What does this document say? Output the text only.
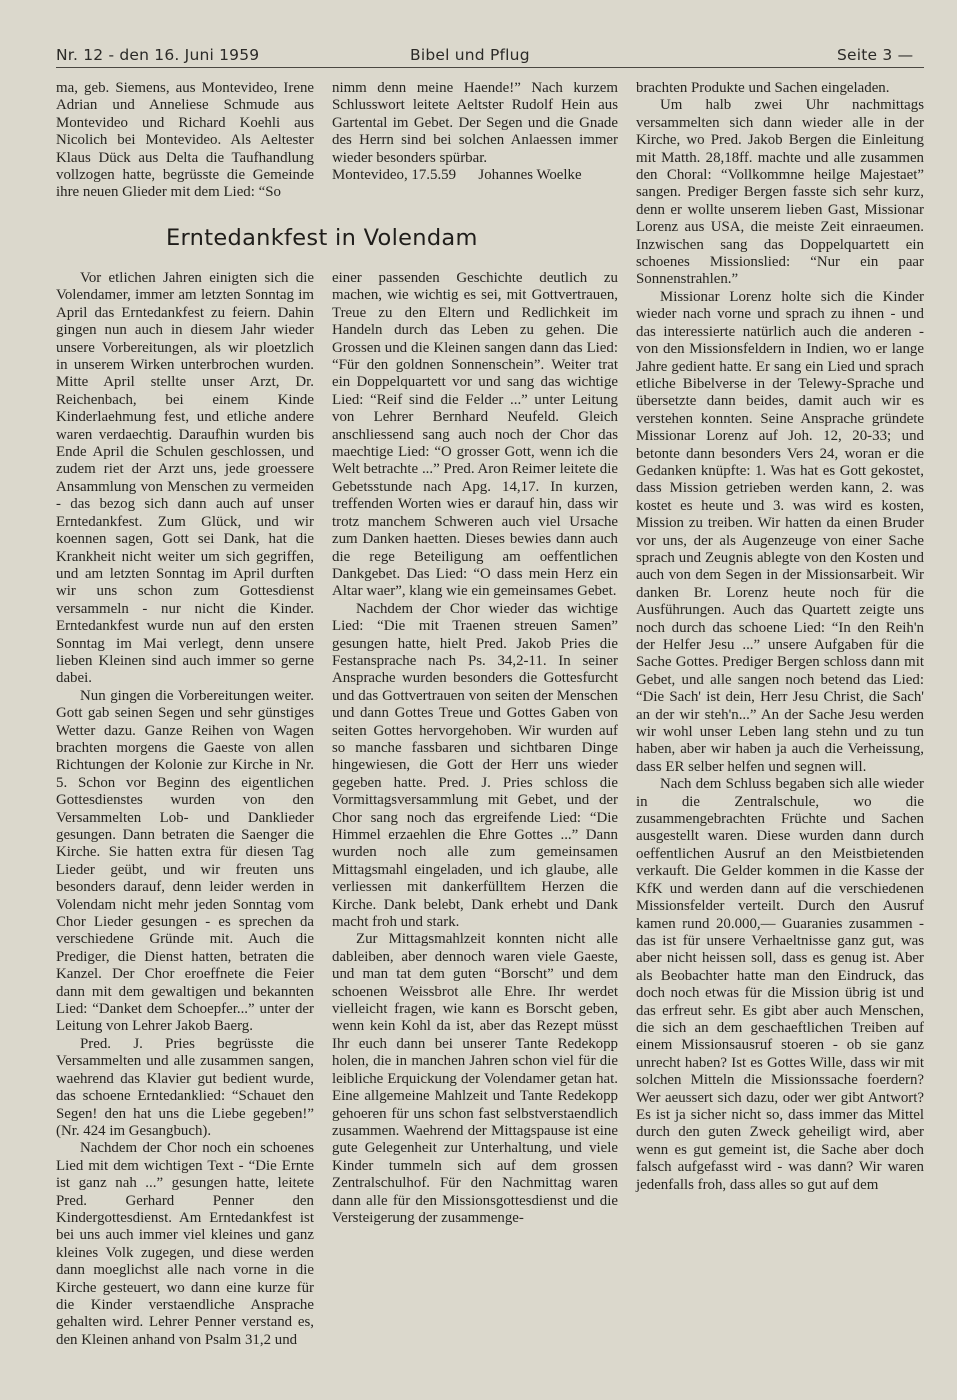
Nr. 12 - den 16. Juni 1959	Bibel und Pflug	Seite 3 —

ma, geb. Siemens, aus Montevideo, Irene Adrian und Anneliese Schmude aus Montevideo und Richard Koehli aus Nicolich bei Montevideo. Als Aeltester Klaus Dück aus Delta die Taufhandlung vollzogen hatte, begrüsste die Gemeinde ihre neuen Glieder mit dem Lied: “So

nimm denn meine Haende!” Nach kurzem Schlusswort leitete Aeltster Rudolf Hein aus Gartental im Gebet. Der Segen und die Gnade des Herrn sind bei solchen Anlaessen immer wieder besonders spürbar.

Montevideo, 17.5.59      Johannes Woelke

Erntedankfest in Volendam

Vor etlichen Jahren einigten sich die Volendamer, immer am letzten Sonntag im April das Erntedankfest zu feiern. Dahin gingen nun auch in diesem Jahr wieder unsere Vorbereitungen, als wir ploetzlich in unserem Wirken unterbrochen wurden. Mitte April stellte unser Arzt, Dr. Reichenbach, bei einem Kinde Kinderlaehmung fest, und etliche andere waren verdaechtig. Daraufhin wurden bis Ende April die Schulen geschlossen, und zudem riet der Arzt uns, jede groessere Ansammlung von Menschen zu vermeiden - das bezog sich dann auch auf unser Erntedankfest. Zum Glück, und wir koennen sagen, Gott sei Dank, hat die Krankheit nicht weiter um sich gegriffen, und am letzten Sonntag im April durften wir uns schon zum Gottesdienst versammeln - nur nicht die Kinder. Erntedankfest wurde nun auf den ersten Sonntag im Mai verlegt, denn unsere lieben Kleinen sind auch immer so gerne dabei.

Nun gingen die Vorbereitungen weiter. Gott gab seinen Segen und sehr günstiges Wetter dazu. Ganze Reihen von Wagen brachten morgens die Gaeste von allen Richtungen der Kolonie zur Kirche in Nr. 5. Schon vor Beginn des eigentlichen Gottesdienstes wurden von den Versammelten Lob- und Danklieder gesungen. Dann betraten die Saenger die Kirche. Sie hatten extra für diesen Tag Lieder geübt, und wir freuten uns besonders darauf, denn leider werden in Volendam nicht mehr jeden Sonntag vom Chor Lieder gesungen - es sprechen da verschiedene Gründe mit. Auch die Prediger, die Dienst hatten, betraten die Kanzel. Der Chor eroeffnete die Feier dann mit dem gewaltigen und bekannten Lied: “Danket dem Schoepfer...” unter der Leitung von Lehrer Jakob Baerg.

Pred. J. Pries begrüsste die Versammelten und alle zusammen sangen, waehrend das Klavier gut bedient wurde, das schoene Erntedanklied: “Schauet den Segen! den hat uns die Liebe gegeben!” (Nr. 424 im Gesangbuch).

Nachdem der Chor noch ein schoenes Lied mit dem wichtigen Text - “Die Ernte ist ganz nah ...” gesungen hatte, leitete Pred. Gerhard Penner den Kindergottesdienst. Am Erntedankfest ist bei uns auch immer viel kleines und ganz kleines Volk zugegen, und diese werden dann moeglichst alle nach vorne in die Kirche gesteuert, wo dann eine kurze für die Kinder verstaendliche Ansprache gehalten wird. Lehrer Penner verstand es, den Kleinen anhand von Psalm 31,2 und

einer passenden Geschichte deutlich zu machen, wie wichtig es sei, mit Gottvertrauen, Treue zu den Eltern und Redlichkeit im Handeln durch das Leben zu gehen. Die Grossen und die Kleinen sangen dann das Lied: “Für den goldnen Sonnenschein”. Weiter trat ein Doppelquartett vor und sang das wichtige Lied: “Reif sind die Felder ...” unter Leitung von Lehrer Bernhard Neufeld. Gleich anschliessend sang auch noch der Chor das maechtige Lied: “O grosser Gott, wenn ich die Welt betrachte ...” Pred. Aron Reimer leitete die Gebetsstunde nach Apg. 14,17. In kurzen, treffenden Worten wies er darauf hin, dass wir trotz manchem Schweren auch viel Ursache zum Danken haetten. Dieses bewies dann auch die rege Beteiligung am oeffentlichen Dankgebet. Das Lied: “O dass mein Herz ein Altar waer”, klang wie ein gemeinsames Gebet.

Nachdem der Chor wieder das wichtige Lied: “Die mit Traenen streuen Samen” gesungen hatte, hielt Pred. Jakob Pries die Festansprache nach Ps. 34,2-11. In seiner Ansprache wurden besonders die Gottesfurcht und das Gottvertrauen von seiten der Menschen und dann Gottes Treue und Gottes Gaben von seiten Gottes hervorgehoben. Wir wurden auf so manche fassbaren und sichtbaren Dinge hingewiesen, die Gott der Herr uns wieder gegeben hatte. Pred. J. Pries schloss die Vormittagsversammlung mit Gebet, und der Chor sang noch das ergreifende Lied: “Die Himmel erzaehlen die Ehre Gottes ...” Dann wurden noch alle zum gemeinsamen Mittagsmahl eingeladen, und ich glaube, alle verliessen mit dankerfülltem Herzen die Kirche. Dank belebt, Dank erhebt und Dank macht froh und stark.

Zur Mittagsmahlzeit konnten nicht alle dableiben, aber dennoch waren viele Gaeste, und man tat dem guten “Borscht” und dem schoenen Weissbrot alle Ehre. Ihr werdet vielleicht fragen, wie kann es Borscht geben, wenn kein Kohl da ist, aber das Rezept müsst Ihr euch dann bei unserer Tante Redekopp holen, die in manchen Jahren schon viel für die leibliche Erquickung der Volendamer getan hat. Eine allgemeine Mahlzeit und Tante Redekopp gehoeren für uns schon fast selbstverstaendlich zusammen. Waehrend der Mittagspause ist eine gute Gelegenheit zur Unterhaltung, und viele Kinder tummeln sich auf dem grossen Zentralschulhof. Für den Nachmittag waren dann alle für den Missionsgottesdienst und die Versteigerung der zusammenge-

brachten Produkte und Sachen eingeladen.

Um halb zwei Uhr nachmittags versammelten sich dann wieder alle in der Kirche, wo Pred. Jakob Bergen die Einleitung mit Matth. 28,18ff. machte und alle zusammen den Choral: “Vollkommne heilge Majestaet” sangen. Prediger Bergen fasste sich sehr kurz, denn er wollte unserem lieben Gast, Missionar Lorenz aus USA, die meiste Zeit einraeumen. Inzwischen sang das Doppelquartett ein schoenes Missionslied: “Nur ein paar Sonnenstrahlen.”

Missionar Lorenz holte sich die Kinder wieder nach vorne und sprach zu ihnen - und das interessierte natürlich auch die anderen - von den Missionsfeldern in Indien, wo er lange Jahre gedient hatte. Er sang ein Lied und sprach etliche Bibelverse in der Telewy-Sprache und übersetzte dann beides, damit auch wir es verstehen konnten. Seine Ansprache gründete Missionar Lorenz auf Joh. 12, 20-33; und betonte dann besonders Vers 24, woran er die Gedanken knüpfte: 1. Was hat es Gott gekostet, dass Mission getrieben werden kann, 2. was kostet es heute und 3. was wird es kosten, Mission zu treiben. Wir hatten da einen Bruder vor uns, der als Augenzeuge von einer Sache sprach und Zeugnis ablegte von den Kosten und auch von dem Segen in der Missionsarbeit. Wir danken Br. Lorenz heute noch für die Ausführungen. Auch das Quartett zeigte uns noch durch das schoene Lied: “In den Reih'n der Helfer Jesu ...” unsere Aufgaben für die Sache Gottes. Prediger Bergen schloss dann mit Gebet, und alle sangen noch betend das Lied: “Die Sach' ist dein, Herr Jesu Christ, die Sach' an der wir steh'n...” An der Sache Jesu werden wir wohl unser Leben lang stehn und zu tun haben, aber wir haben ja auch die Verheissung, dass ER selber helfen und segnen will.

Nach dem Schluss begaben sich alle wieder in die Zentralschule, wo die zusammengebrachten Früchte und Sachen ausgestellt waren. Diese wurden dann durch oeffentlichen Ausruf an den Meistbietenden verkauft. Die Gelder kommen in die Kasse der KfK und werden dann auf die verschiedenen Missionsfelder verteilt. Durch den Ausruf kamen rund 20.000,— Guaranies zusammen - das ist für unsere Verhaeltnisse ganz gut, was aber nicht heissen soll, dass es genug ist. Aber als Beobachter hatte man den Eindruck, das doch noch etwas für die Mission übrig ist und das erfreut sehr. Es gibt aber auch Menschen, die sich an dem geschaeftlichen Treiben auf einem Missionsausruf stoeren - ob sie ganz unrecht haben? Ist es Gottes Wille, dass wir mit solchen Mitteln die Missionssache foerdern? Wer aeussert sich dazu, oder wer gibt Antwort? Es ist ja sicher nicht so, dass immer das Mittel durch den guten Zweck geheiligt wird, aber wenn es gut gemeint ist, die Sache aber doch falsch aufgefasst wird - was dann? Wir waren jedenfalls froh, dass alles so gut auf dem
